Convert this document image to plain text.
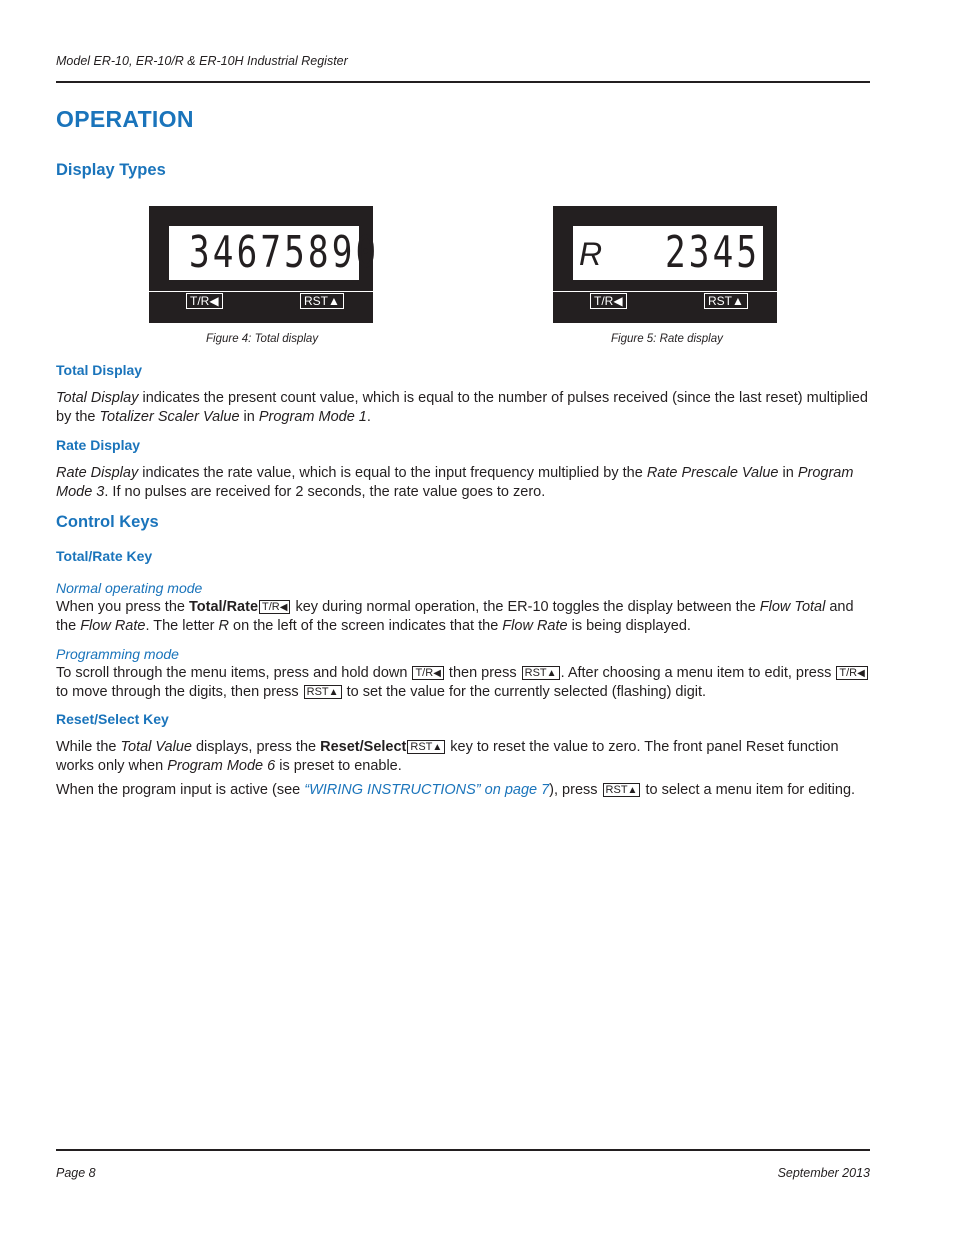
Model ER-10, ER-10/R & ER-10H Industrial Register
OPERATION
Display Types
34675890
T/R◀	RST▲
Figure 4: Total display
R 2345
T/R◀	RST▲
Figure 5: Rate display
Total Display

Total Display indicates the present count value, which is equal to the number of pulses received (since the last reset) multiplied by the Totalizer Scaler Value in Program Mode 1.

Rate Display

Rate Display indicates the rate value, which is equal to the input frequency multiplied by the Rate Prescale Value in Program Mode 3. If no pulses are received for 2 seconds, the rate value goes to zero.

Control Keys
Total/Rate Key
Normal operating mode

When you press the Total/Rate T/R◀ key during normal operation, the ER-10 toggles the display between the Flow Total and the Flow Rate. The letter R on the left of the screen indicates that the Flow Rate is being displayed.

Programming mode

To scroll through the menu items, press and hold down T/R◀ then press RST▲ . After choosing a menu item to edit, press T/R◀ to move through the digits, then press RST▲ to set the value for the currently selected (flashing) digit.

Reset/Select Key

While the Total Value displays, press the Reset/Select RST▲ key to reset the value to zero. The front panel Reset function works only when Program Mode 6 is preset to enable.

When the program input is active (see “WIRING INSTRUCTIONS” on page 7), press RST▲ to select a menu item for editing.

Page 8	September 2013
